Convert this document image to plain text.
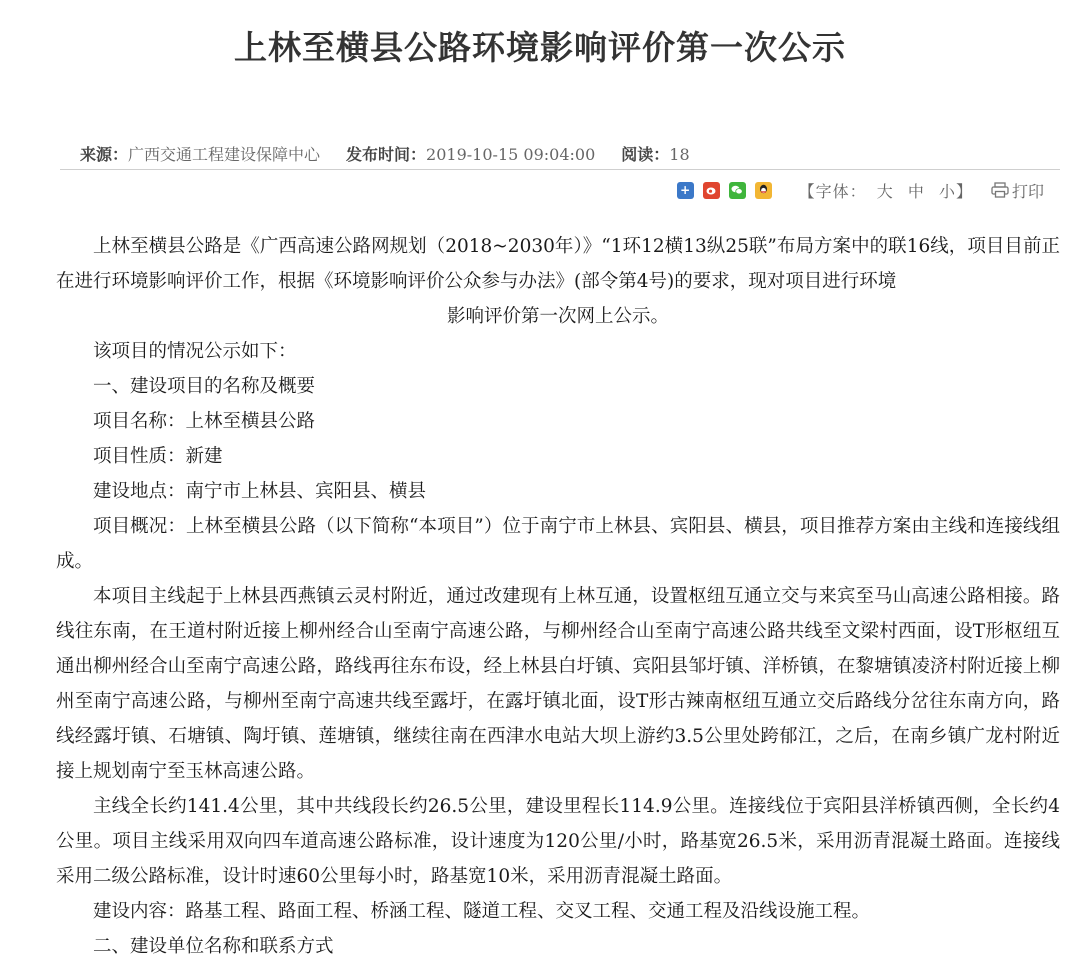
上林至横县公路环境影响评价第一次公示
来源：广西交通工程建设保障中心 发布时间：2019-10-15 09:04:00 阅读：18
+	【字体： 大 中 小】 打印

上林至横县公路是《广西高速公路网规划（2018~2030年）》“1环12横13纵25联”布局方案中的联16线，项目目前正在进行环境影响评价工作，根据《环境影响评价公众参与办法》(部令第4号)的要求，现对项目进行环境

影响评价第一次网上公示。

该项目的情况公示如下：

一、建设项目的名称及概要

项目名称：上林至横县公路

项目性质：新建

建设地点：南宁市上林县、宾阳县、横县

项目概况：上林至横县公路（以下简称“本项目”）位于南宁市上林县、宾阳县、横县，项目推荐方案由主线和连接线组成。

本项目主线起于上林县西燕镇云灵村附近，通过改建现有上林互通，设置枢纽互通立交与来宾至马山高速公路相接。路线往东南，在王道村附近接上柳州经合山至南宁高速公路，与柳州经合山至南宁高速公路共线至文梁村西面，设T形枢纽互通出柳州经合山至南宁高速公路，路线再往东布设，经上林县白圩镇、宾阳县邹圩镇、洋桥镇，在黎塘镇凌济村附近接上柳州至南宁高速公路，与柳州至南宁高速共线至露圩，在露圩镇北面，设T形古辣南枢纽互通立交后路线分岔往东南方向，路线经露圩镇、石塘镇、陶圩镇、莲塘镇，继续往南在西津水电站大坝上游约3.5公里处跨郁江，之后，在南乡镇广龙村附近接上规划南宁至玉林高速公路。

主线全长约141.4公里，其中共线段长约26.5公里，建设里程长114.9公里。连接线位于宾阳县洋桥镇西侧，全长约4公里。项目主线采用双向四车道高速公路标准，设计速度为120公里/小时，路基宽26.5米，采用沥青混凝土路面。连接线采用二级公路标准，设计时速60公里每小时，路基宽10米，采用沥青混凝土路面。

建设内容：路基工程、路面工程、桥涵工程、隧道工程、交叉工程、交通工程及沿线设施工程。

二、建设单位名称和联系方式
